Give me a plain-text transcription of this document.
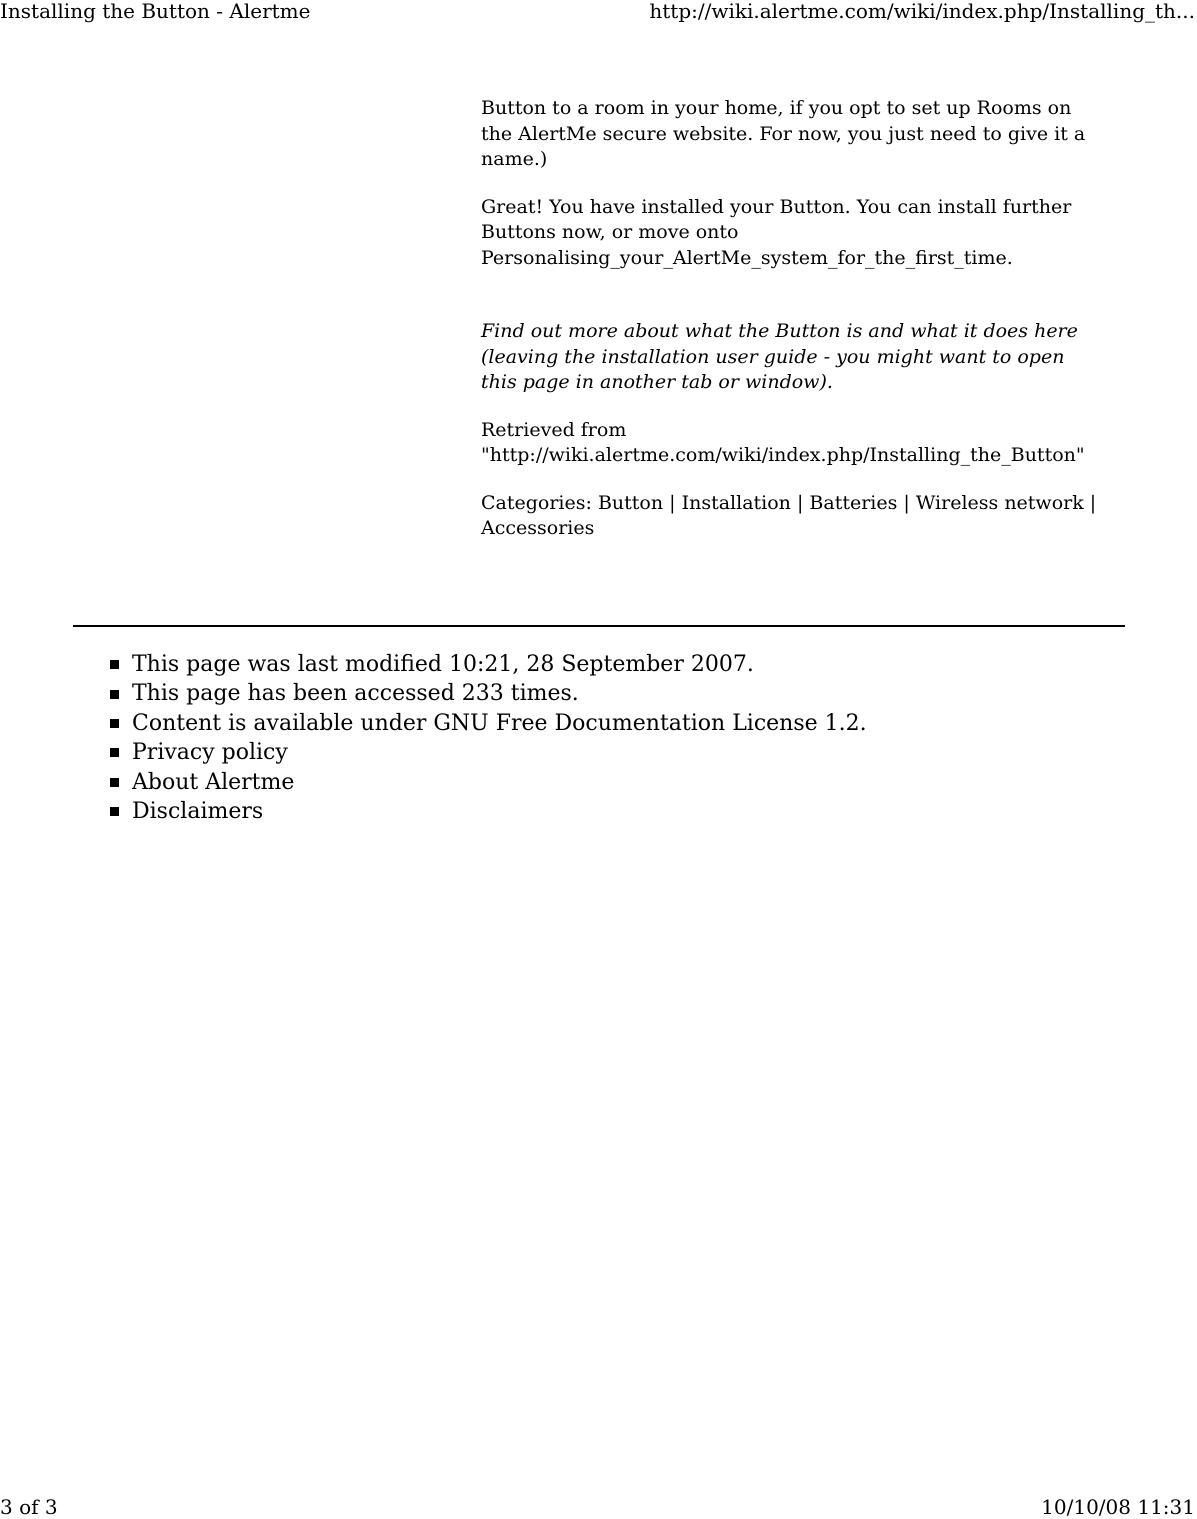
Installing the Button - Alertme	http://wiki.alertme.com/wiki/index.php/Installing_th...

Button to a room in your home, if you opt to set up Rooms on the AlertMe secure website. For now, you just need to give it a name.)

Great! You have installed your Button. You can install further Buttons now, or move onto Personalising_your_AlertMe_system_for_the_first_time.

Find out more about what the Button is and what it does here (leaving the installation user guide - you might want to open this page in another tab or window).

Retrieved from "http://wiki.alertme.com/wiki/index.php/Installing_the_Button"

Categories: Button | Installation | Batteries | Wireless network | Accessories

This page was last modified 10:21, 28 September 2007.
This page has been accessed 233 times.
Content is available under GNU Free Documentation License 1.2.
Privacy policy
About Alertme
Disclaimers
3 of 3	10/10/08 11:31
